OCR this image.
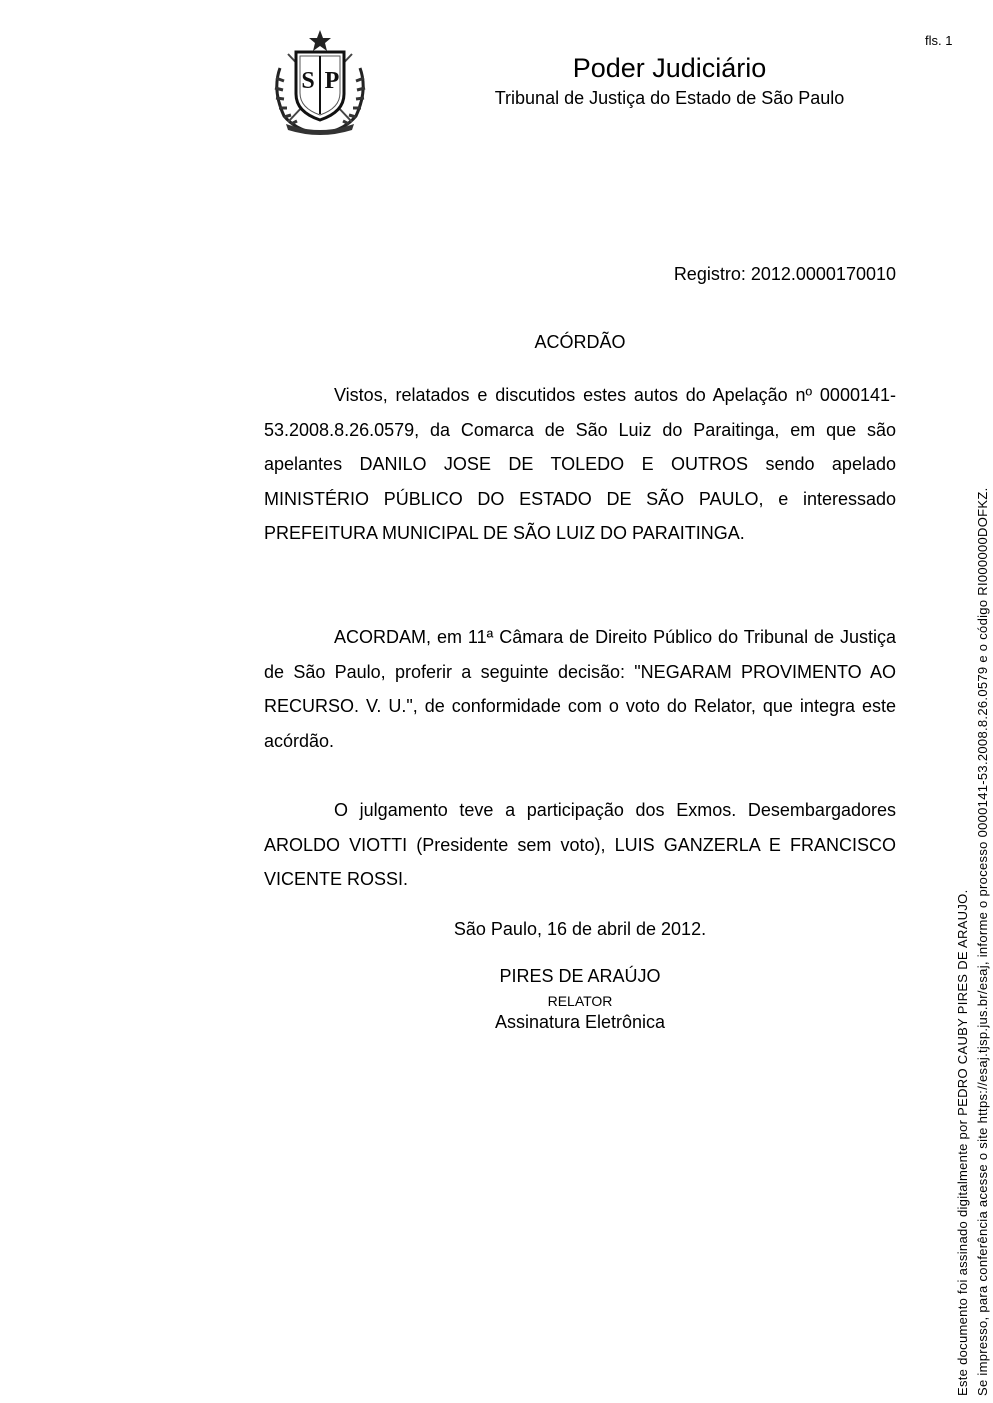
fls. 1
S P	Poder Judiciário
Tribunal de Justiça do Estado de São Paulo
Registro: 2012.0000170010
ACÓRDÃO

Vistos, relatados e discutidos estes autos do Apelação nº 0000141-53.2008.8.26.0579, da Comarca de São Luiz do Paraitinga, em que são apelantes DANILO JOSE DE TOLEDO E OUTROS sendo apelado MINISTÉRIO PÚBLICO DO ESTADO DE SÃO PAULO, e interessado PREFEITURA MUNICIPAL DE SÃO LUIZ DO PARAITINGA.

ACORDAM, em 11ª Câmara de Direito Público do Tribunal de Justiça de São Paulo, proferir a seguinte decisão: "NEGARAM PROVIMENTO AO RECURSO. V. U.", de conformidade com o voto do Relator, que integra este acórdão.

O julgamento teve a participação dos Exmos. Desembargadores AROLDO VIOTTI (Presidente sem voto), LUIS GANZERLA E FRANCISCO VICENTE ROSSI.

São Paulo, 16 de abril de 2012.
PIRES DE ARAÚJO
RELATOR
Assinatura Eletrônica	Este documento foi assinado digitalmente por PEDRO CAUBY PIRES DE ARAUJO. Se impresso, para conferência acesse o site https://esaj.tjsp.jus.br/esaj, informe o processo 0000141-53.2008.8.26.0579 e o código RI000000DOFKZ.
